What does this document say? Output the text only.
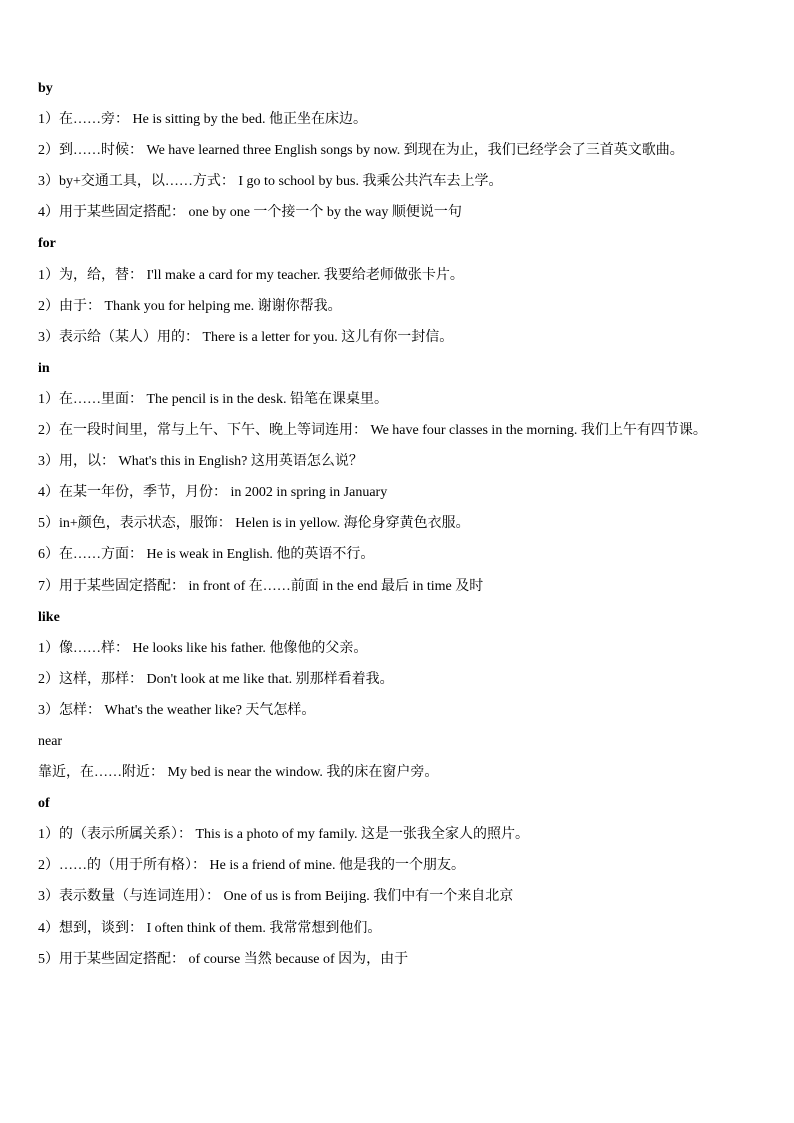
by
1）在……旁： He is sitting by the bed. 他正坐在床边。
2）到……时候： We have learned three English songs by now. 到现在为止，我们已经学会了三首英文歌曲。
3）by+交通工具，以……方式： I go to school by bus. 我乘公共汽车去上学。
4）用于某些固定搭配： one by one 一个接一个 by the way 顺便说一句
for
1）为，给，替： I'll make a card for my teacher. 我要给老师做张卡片。
2）由于： Thank you for helping me. 谢谢你帮我。
3）表示给（某人）用的： There is a letter for you. 这儿有你一封信。
in
1）在……里面： The pencil is in the desk. 铅笔在课桌里。
2）在一段时间里，常与上午、下午、晚上等词连用： We have four classes in the morning. 我们上午有四节课。
3）用，以： What's this in English? 这用英语怎么说？
4）在某一年份，季节，月份： in 2002 in spring in January
5）in+颜色，表示状态，服饰： Helen is in yellow. 海伦身穿黄色衣服。
6）在……方面： He is weak in English. 他的英语不行。
7）用于某些固定搭配： in front of 在……前面 in the end 最后 in time 及时
like
1）像……样： He looks like his father. 他像他的父亲。
2）这样，那样： Don't look at me like that. 别那样看着我。
3）怎样： What's the weather like? 天气怎样。
near
靠近，在……附近： My bed is near the window. 我的床在窗户旁。
of
1）的（表示所属关系）： This is a photo of my family. 这是一张我全家人的照片。
2）……的（用于所有格）： He is a friend of mine. 他是我的一个朋友。
3）表示数量（与连词连用）： One of us is from Beijing. 我们中有一个来自北京
4）想到，谈到： I often think of them. 我常常想到他们。
5）用于某些固定搭配： of course 当然 because of 因为，由于
